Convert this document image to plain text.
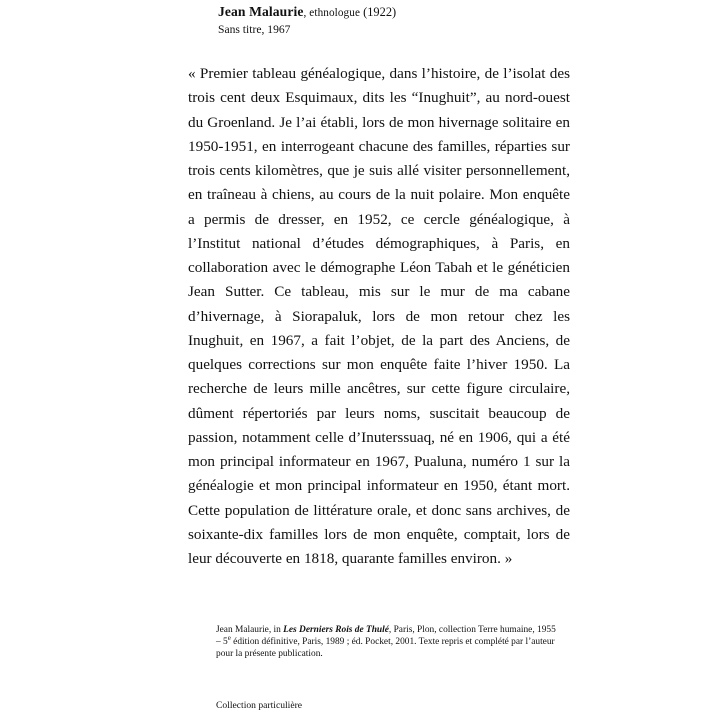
Jean Malaurie, ethnologue (1922)
Sans titre, 1967

« Premier tableau généalogique, dans l’histoire, de l’isolat des trois cent deux Esquimaux, dits les “Inughuit”, au nord-ouest du Groenland. Je l’ai établi, lors de mon hivernage solitaire en 1950-1951, en interrogeant chacune des familles, réparties sur trois cents kilomètres, que je suis allé visiter personnellement, en traîneau à chiens, au cours de la nuit polaire. Mon enquête a permis de dresser, en 1952, ce cercle généalogique, à l’Institut national d’études démographiques, à Paris, en collaboration avec le démographe Léon Tabah et le généticien Jean Sutter. Ce tableau, mis sur le mur de ma cabane d’hivernage, à Siorapaluk, lors de mon retour chez les Inughuit, en 1967, a fait l’objet, de la part des Anciens, de quelques corrections sur mon enquête faite l’hiver 1950. La recherche de leurs mille ancêtres, sur cette figure circulaire, dûment répertoriés par leurs noms, suscitait beaucoup de passion, notamment celle d’Inuterssuaq, né en 1906, qui a été mon principal informateur en 1967, Pualuna, numéro 1 sur la généalogie et mon principal informateur en 1950, étant mort. Cette population de littérature orale, et donc sans archives, de soixante-dix familles lors de mon enquête, comptait, lors de leur découverte en 1818, quarante familles environ. »

Jean Malaurie, in Les Derniers Rois de Thulé, Paris, Plon, collection Terre humaine, 1955 – 5e édition définitive, Paris, 1989 ; éd. Pocket, 2001. Texte repris et complété par l’auteur pour la présente publication.

Collection particulière
